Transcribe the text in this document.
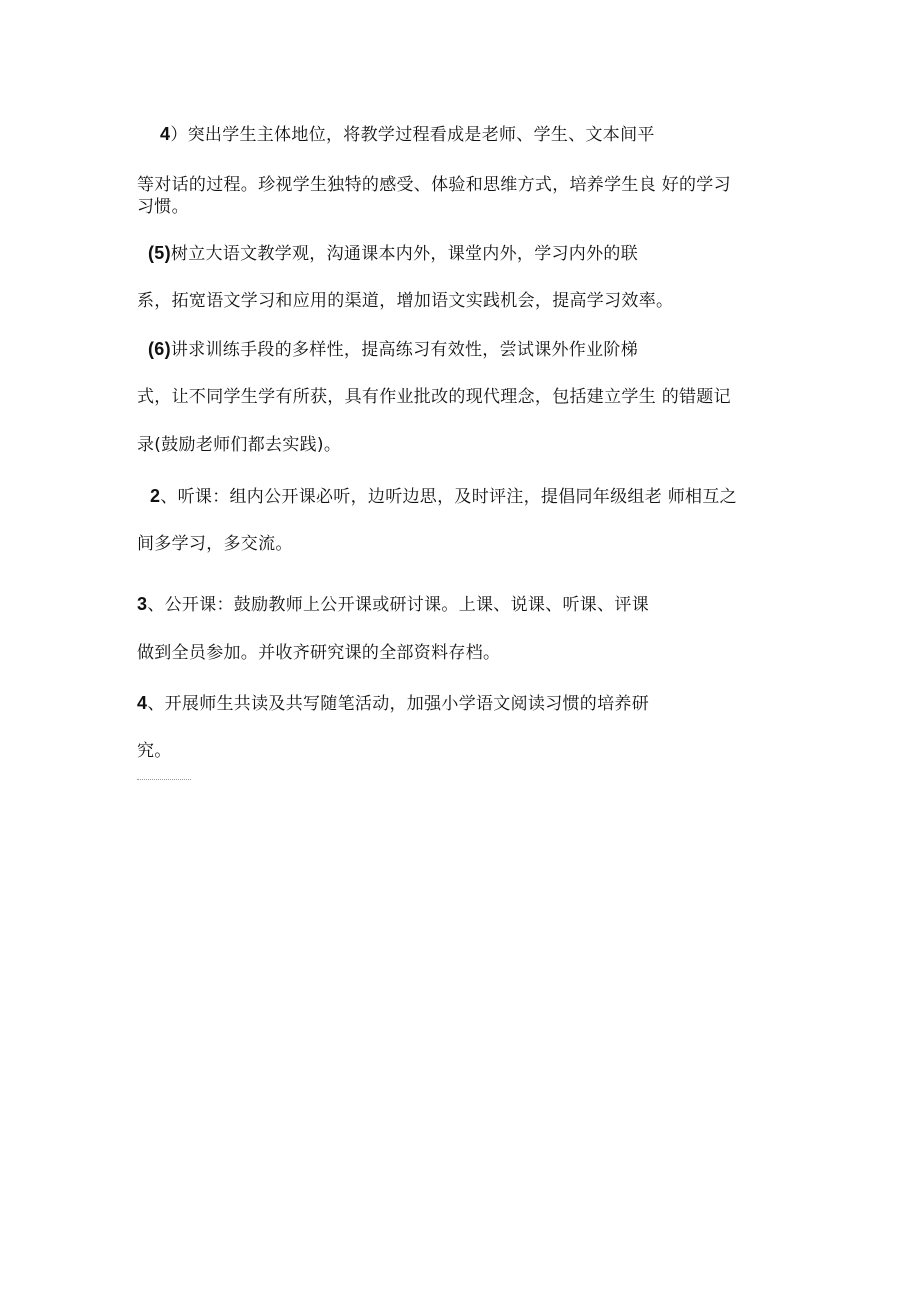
4）突出学生主体地位，将教学过程看成是老师、学生、文本间平
等对话的过程。珍视学生独特的感受、体验和思维方式，培养学生良 好的学习
习惯。
(5)树立大语文教学观，沟通课本内外，课堂内外，学习内外的联
系，拓宽语文学习和应用的渠道，增加语文实践机会，提高学习效率。
(6)讲求训练手段的多样性，提高练习有效性，尝试课外作业阶梯
式，让不同学生学有所获，具有作业批改的现代理念，包括建立学生 的错题记
录(鼓励老师们都去实践)。
2、听课：组内公开课必听，边听边思，及时评注，提倡同年级组老 师相互之
间多学习，多交流。
3、公开课：鼓励教师上公开课或研讨课。上课、说课、听课、评课
做到全员参加。并收齐研究课的全部资料存档。
4、开展师生共读及共写随笔活动，加强小学语文阅读习惯的培养研
究。
